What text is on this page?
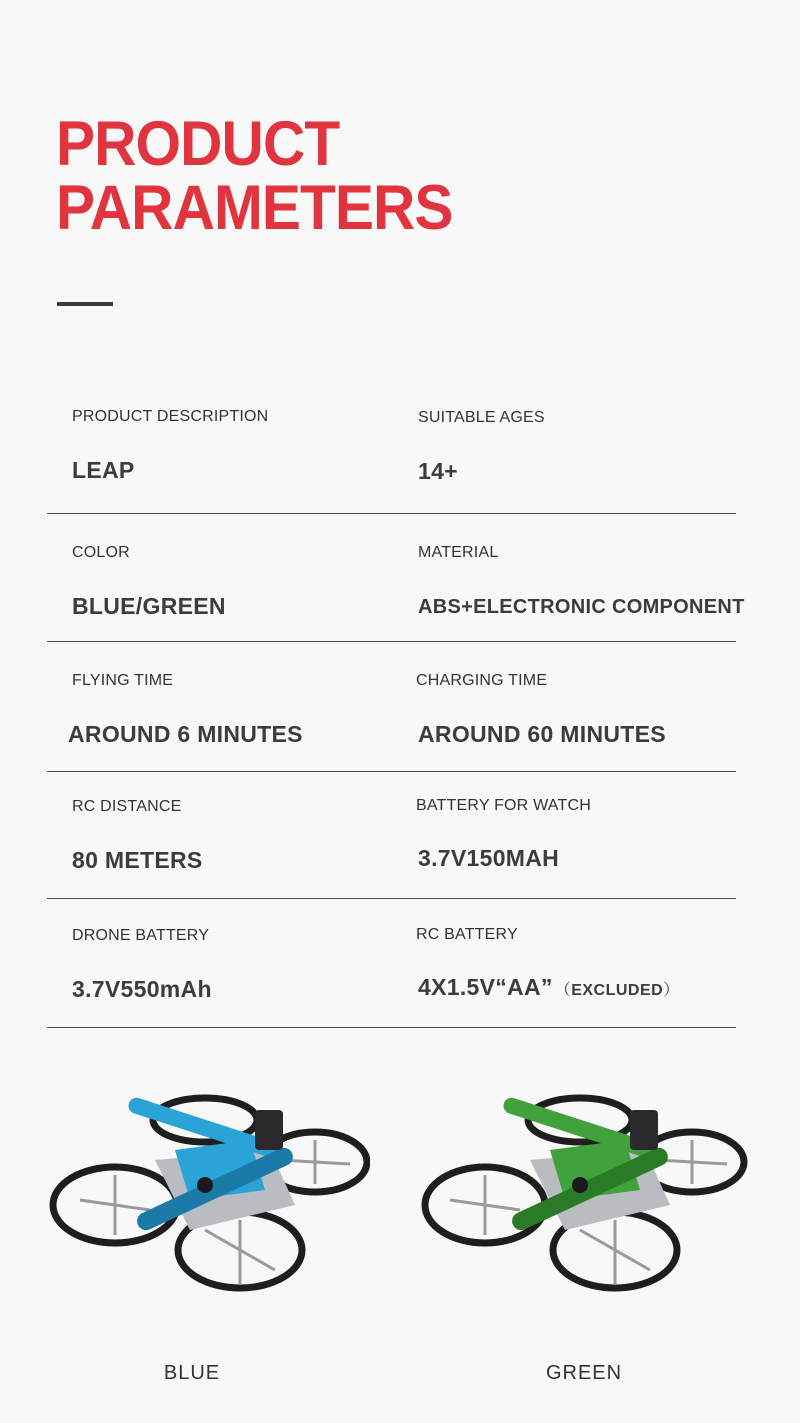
PRODUCT
PARAMETERS
PRODUCT DESCRIPTION
LEAP
SUITABLE AGES
14+
COLOR
BLUE/GREEN
MATERIAL
ABS+ELECTRONIC COMPONENT
FLYING TIME
AROUND 6 MINUTES
CHARGING TIME
AROUND 60 MINUTES
RC DISTANCE
80 METERS
BATTERY FOR WATCH
3.7V150MAH
DRONE BATTERY
3.7V550mAh
RC BATTERY
4X1.5V“AA” （EXCLUDED）
BLUE	GREEN
